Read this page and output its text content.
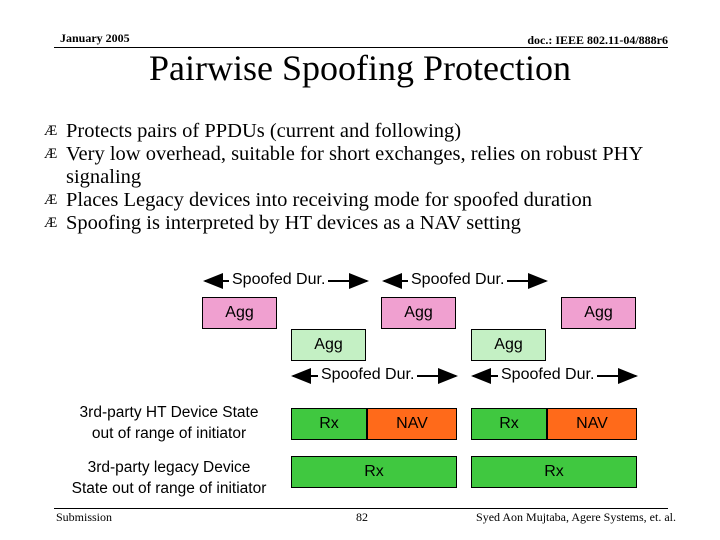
January 2005	doc.: IEEE 802.11-04/888r6
Pairwise Spoofing Protection
Æ Protects pairs of PPDUs (current and following)
Æ Very low overhead, suitable for short exchanges, relies on robust PHY signaling
Æ Places Legacy devices into receiving mode for spoofed duration
Æ Spoofing is interpreted by HT devices as a NAV setting
Spoofed Dur.	Spoofed Dur.
Spoofed Dur.	Spoofed Dur.
Agg	Agg	Agg
Agg	Agg
3rd-party HT Device State
out of range of initiator
3rd-party legacy Device
State out of range of initiator
Rx	NAV	Rx	NAV
Rx	Rx
Submission	82	Syed Aon Mujtaba, Agere Systems, et. al.
